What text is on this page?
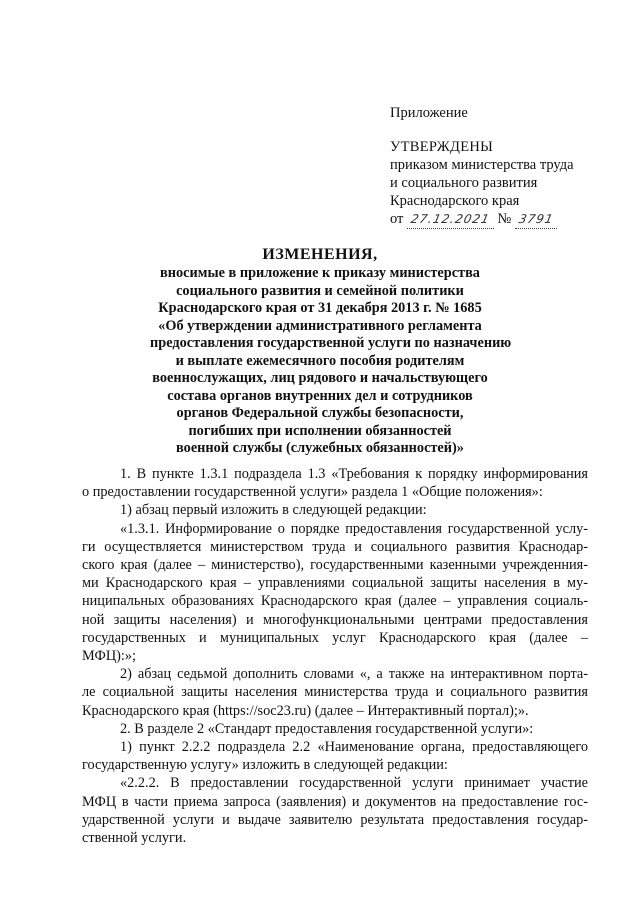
Приложение
УТВЕРЖДЕНЫ
приказом министерства труда
и социального развития
Краснодарского края
от 27.12.2021 № 3791
ИЗМЕНЕНИЯ,
вносимые в приложение к приказу министерства
социального развития и семейной политики
Краснодарского края от 31 декабря 2013 г. № 1685
«Об утверждении административного регламента
предоставления государственной услуги по назначению
и выплате ежемесячного пособия родителям
военнослужащих, лиц рядового и начальствующего
состава органов внутренних дел и сотрудников
органов Федеральной службы безопасности,
погибших при исполнении обязанностей
военной службы (служебных обязанностей)»
1. В пункте 1.3.1 подраздела 1.3 «Требования к порядку информирования
о предоставлении государственной услуги» раздела 1 «Общие положения»:
1) абзац первый изложить в следующей редакции:
«1.3.1. Информирование о порядке предоставления государственной услу-
ги осуществляется министерством труда и социального развития Краснодар-
ского края (далее – министерство), государственными казенными учрежденния-
ми Краснодарского края – управлениями социальной защиты населения в му-
ниципальных образованиях Краснодарского края (далее – управления социаль-
ной защиты населения) и многофункциональными центрами предоставления
государственных и муниципальных услуг Краснодарского края (далее –
МФЦ):»;
2) абзац седьмой дополнить словами «, а также на интерактивном порта-
ле социальной защиты населения министерства труда и социального развития
Краснодарского края (https://soc23.ru) (далее – Интерактивный портал);».
2. В разделе 2 «Стандарт предоставления государственной услуги»:
1) пункт 2.2.2 подраздела 2.2 «Наименование органа, предоставляющего
государственную услугу» изложить в следующей редакции:
«2.2.2. В предоставлении государственной услуги принимает участие
МФЦ в части приема запроса (заявления) и документов на предоставление гос-
ударственной услуги и выдаче заявителю результата предоставления государ-
ственной услуги.
